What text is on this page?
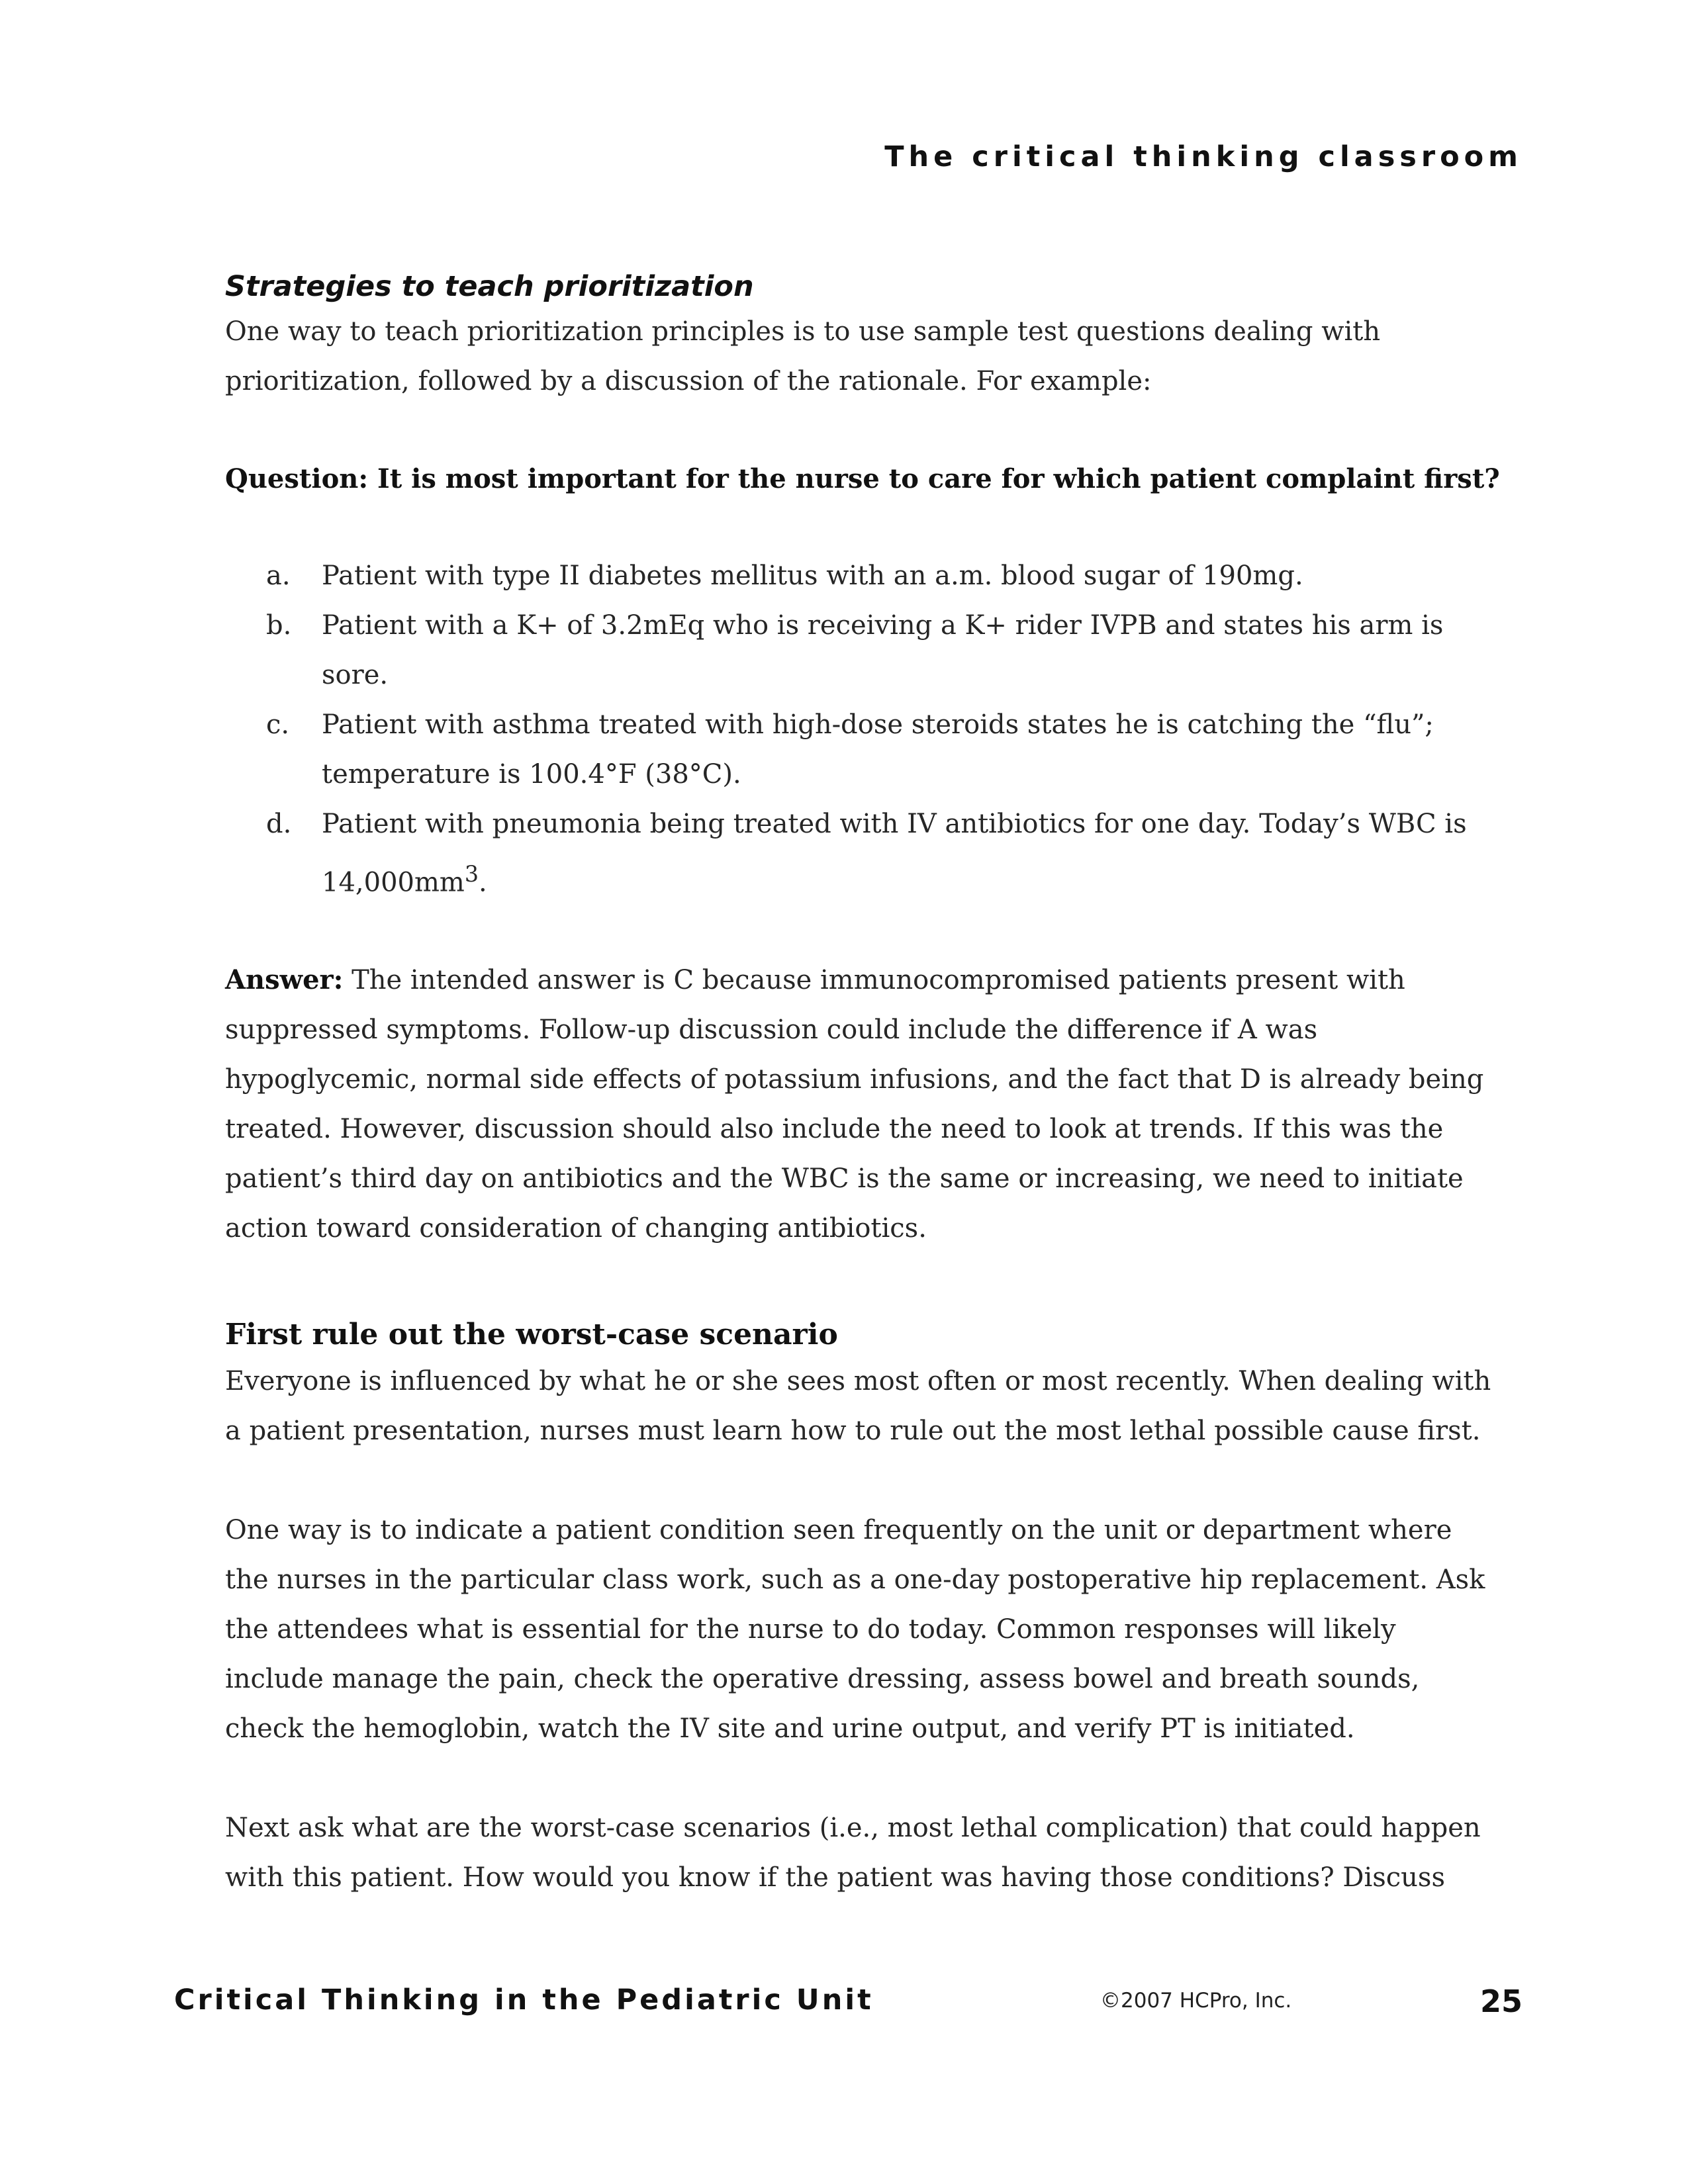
The critical thinking classroom
Strategies to teach prioritization

One way to teach prioritization principles is to use sample test questions dealing with prioritization, followed by a discussion of the rationale. For example:

Question: It is most important for the nurse to care for which patient complaint first?

a. Patient with type II diabetes mellitus with an a.m. blood sugar of 190mg.
b. Patient with a K+ of 3.2mEq who is receiving a K+ rider IVPB and states his arm is sore.
c. Patient with asthma treated with high-dose steroids states he is catching the “flu”; temperature is 100.4°F (38°C).
d. Patient with pneumonia being treated with IV antibiotics for one day. Today’s WBC is $14,000mm^3$.

Answer: The intended answer is C because immunocompromised patients present with suppressed symptoms. Follow-up discussion could include the difference if A was hypoglycemic, normal side effects of potassium infusions, and the fact that D is already being treated. However, discussion should also include the need to look at trends. If this was the patient’s third day on antibiotics and the WBC is the same or increasing, we need to initiate action toward consideration of changing antibiotics.

First rule out the worst-case scenario

Everyone is influenced by what he or she sees most often or most recently. When dealing with a patient presentation, nurses must learn how to rule out the most lethal possible cause first.

One way is to indicate a patient condition seen frequently on the unit or department where the nurses in the particular class work, such as a one-day postoperative hip replacement. Ask the attendees what is essential for the nurse to do today. Common responses will likely include manage the pain, check the operative dressing, assess bowel and breath sounds, check the hemoglobin, watch the IV site and urine output, and verify PT is initiated.

Next ask what are the worst-case scenarios (i.e., most lethal complication) that could happen with this patient. How would you know if the patient was having those conditions? Discuss

Critical Thinking in the Pediatric Unit	©2007 HCPro, Inc.	25
